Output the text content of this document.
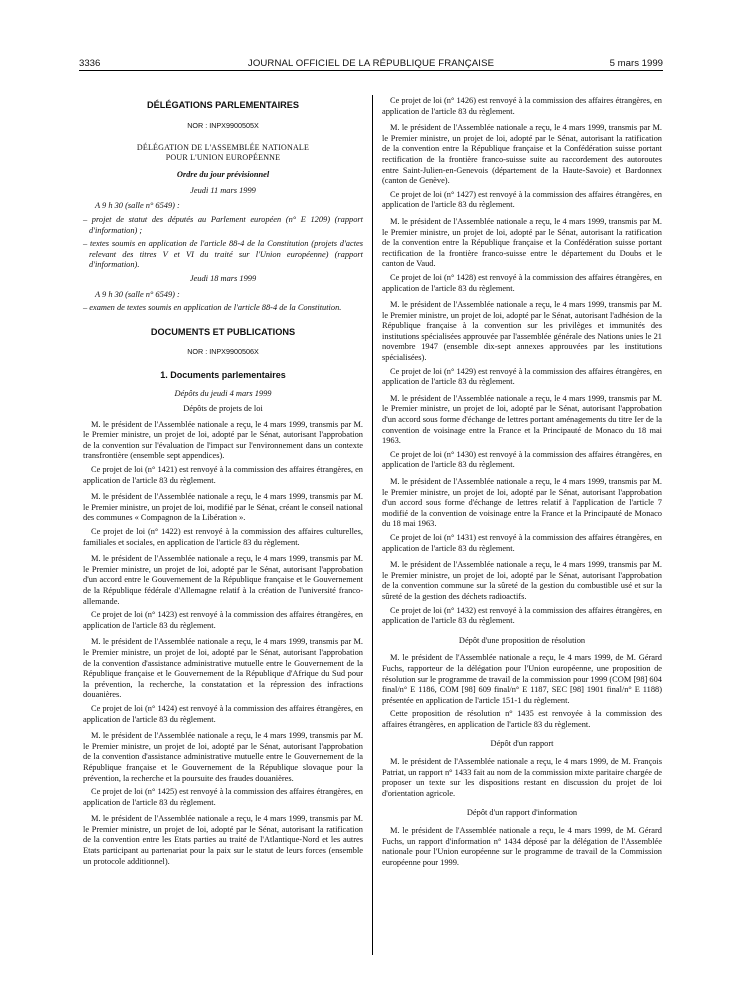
3336	JOURNAL OFFICIEL DE LA RÉPUBLIQUE FRANÇAISE	5 mars 1999
DÉLÉGATIONS PARLEMENTAIRES
NOR : INPX9900505X
DÉLÉGATION DE L'ASSEMBLÉE NATIONALE
POUR L'UNION EUROPÉENNE

Ordre du jour prévisionnel

Jeudi 11 mars 1999

A 9 h 30 (salle n° 6549) :

– projet de statut des députés au Parlement européen (n° E 1209) (rapport d'information) ;

– textes soumis en application de l'article 88-4 de la Constitution (projets d'actes relevant des titres V et VI du traité sur l'Union européenne) (rapport d'information).

Jeudi 18 mars 1999

A 9 h 30 (salle n° 6549) :

– examen de textes soumis en application de l'article 88-4 de la Constitution.

DOCUMENTS ET PUBLICATIONS
NOR : INPX9900506X
1. Documents parlementaires

Dépôts du jeudi 4 mars 1999

Dépôts de projets de loi

M. le président de l'Assemblée nationale a reçu, le 4 mars 1999, transmis par M. le Premier ministre, un projet de loi, adopté par le Sénat, autorisant l'approbation de la convention sur l'évaluation de l'impact sur l'environnement dans un contexte transfrontière (ensemble sept appendices).

Ce projet de loi (n° 1421) est renvoyé à la commission des affaires étrangères, en application de l'article 83 du règlement.

M. le président de l'Assemblée nationale a reçu, le 4 mars 1999, transmis par M. le Premier ministre, un projet de loi, modifié par le Sénat, créant le conseil national des communes « Compagnon de la Libération ».

Ce projet de loi (n° 1422) est renvoyé à la commission des affaires culturelles, familiales et sociales, en application de l'article 83 du règlement.

M. le président de l'Assemblée nationale a reçu, le 4 mars 1999, transmis par M. le Premier ministre, un projet de loi, adopté par le Sénat, autorisant l'approbation d'un accord entre le Gouvernement de la République française et le Gouvernement de la République fédérale d'Allemagne relatif à la création de l'université franco-allemande.

Ce projet de loi (n° 1423) est renvoyé à la commission des affaires étrangères, en application de l'article 83 du règlement.

M. le président de l'Assemblée nationale a reçu, le 4 mars 1999, transmis par M. le Premier ministre, un projet de loi, adopté par le Sénat, autorisant l'approbation de la convention d'assistance administrative mutuelle entre le Gouvernement de la République française et le Gouvernement de la République d'Afrique du Sud pour la prévention, la recherche, la constatation et la répression des infractions douanières.

Ce projet de loi (n° 1424) est renvoyé à la commission des affaires étrangères, en application de l'article 83 du règlement.

M. le président de l'Assemblée nationale a reçu, le 4 mars 1999, transmis par M. le Premier ministre, un projet de loi, adopté par le Sénat, autorisant l'approbation de la convention d'assistance administrative mutuelle entre le Gouvernement de la République française et le Gouvernement de la République slovaque pour la prévention, la recherche et la poursuite des fraudes douanières.

Ce projet de loi (n° 1425) est renvoyé à la commission des affaires étrangères, en application de l'article 83 du règlement.

M. le président de l'Assemblée nationale a reçu, le 4 mars 1999, transmis par M. le Premier ministre, un projet de loi, adopté par le Sénat, autorisant la ratification de la convention entre les Etats parties au traité de l'Atlantique-Nord et les autres Etats participant au partenariat pour la paix sur le statut de leurs forces (ensemble un protocole additionnel).

Ce projet de loi (n° 1426) est renvoyé à la commission des affaires étrangères, en application de l'article 83 du règlement.

M. le président de l'Assemblée nationale a reçu, le 4 mars 1999, transmis par M. le Premier ministre, un projet de loi, adopté par le Sénat, autorisant la ratification de la convention entre la République française et la Confédération suisse portant rectification de la frontière franco-suisse suite au raccordement des autoroutes entre Saint-Julien-en-Genevois (département de la Haute-Savoie) et Bardonnex (canton de Genève).

Ce projet de loi (n° 1427) est renvoyé à la commission des affaires étrangères, en application de l'article 83 du règlement.

M. le président de l'Assemblée nationale a reçu, le 4 mars 1999, transmis par M. le Premier ministre, un projet de loi, adopté par le Sénat, autorisant la ratification de la convention entre la République française et la Confédération suisse portant rectification de la frontière franco-suisse entre le département du Doubs et le canton de Vaud.

Ce projet de loi (n° 1428) est renvoyé à la commission des affaires étrangères, en application de l'article 83 du règlement.

M. le président de l'Assemblée nationale a reçu, le 4 mars 1999, transmis par M. le Premier ministre, un projet de loi, adopté par le Sénat, autorisant l'adhésion de la République française à la convention sur les privilèges et immunités des institutions spécialisées approuvée par l'assemblée générale des Nations unies le 21 novembre 1947 (ensemble dix-sept annexes approuvées par les institutions spécialisées).

Ce projet de loi (n° 1429) est renvoyé à la commission des affaires étrangères, en application de l'article 83 du règlement.

M. le président de l'Assemblée nationale a reçu, le 4 mars 1999, transmis par M. le Premier ministre, un projet de loi, adopté par le Sénat, autorisant l'approbation d'un accord sous forme d'échange de lettres portant aménagements du titre Ier de la convention de voisinage entre la France et la Principauté de Monaco du 18 mai 1963.

Ce projet de loi (n° 1430) est renvoyé à la commission des affaires étrangères, en application de l'article 83 du règlement.

M. le président de l'Assemblée nationale a reçu, le 4 mars 1999, transmis par M. le Premier ministre, un projet de loi, adopté par le Sénat, autorisant l'approbation d'un accord sous forme d'échange de lettres relatif à l'application de l'article 7 modifié de la convention de voisinage entre la France et la Principauté de Monaco du 18 mai 1963.

Ce projet de loi (n° 1431) est renvoyé à la commission des affaires étrangères, en application de l'article 83 du règlement.

M. le président de l'Assemblée nationale a reçu, le 4 mars 1999, transmis par M. le Premier ministre, un projet de loi, adopté par le Sénat, autorisant l'approbation de la convention commune sur la sûreté de la gestion du combustible usé et sur la sûreté de la gestion des déchets radioactifs.

Ce projet de loi (n° 1432) est renvoyé à la commission des affaires étrangères, en application de l'article 83 du règlement.

Dépôt d'une proposition de résolution

M. le président de l'Assemblée nationale a reçu, le 4 mars 1999, de M. Gérard Fuchs, rapporteur de la délégation pour l'Union européenne, une proposition de résolution sur le programme de travail de la commission pour 1999 (COM [98] 604 final/n° E 1186, COM [98] 609 final/n° E 1187, SEC [98] 1901 final/n° E 1188) présentée en application de l'article 151-1 du règlement.

Cette proposition de résolution n° 1435 est renvoyée à la commission des affaires étrangères, en application de l'article 83 du règlement.

Dépôt d'un rapport

M. le président de l'Assemblée nationale a reçu, le 4 mars 1999, de M. François Patriat, un rapport n° 1433 fait au nom de la commission mixte paritaire chargée de proposer un texte sur les dispositions restant en discussion du projet de loi d'orientation agricole.

Dépôt d'un rapport d'information

M. le président de l'Assemblée nationale a reçu, le 4 mars 1999, de M. Gérard Fuchs, un rapport d'information n° 1434 déposé par la délégation de l'Assemblée nationale pour l'Union européenne sur le programme de travail de la Commission européenne pour 1999.
